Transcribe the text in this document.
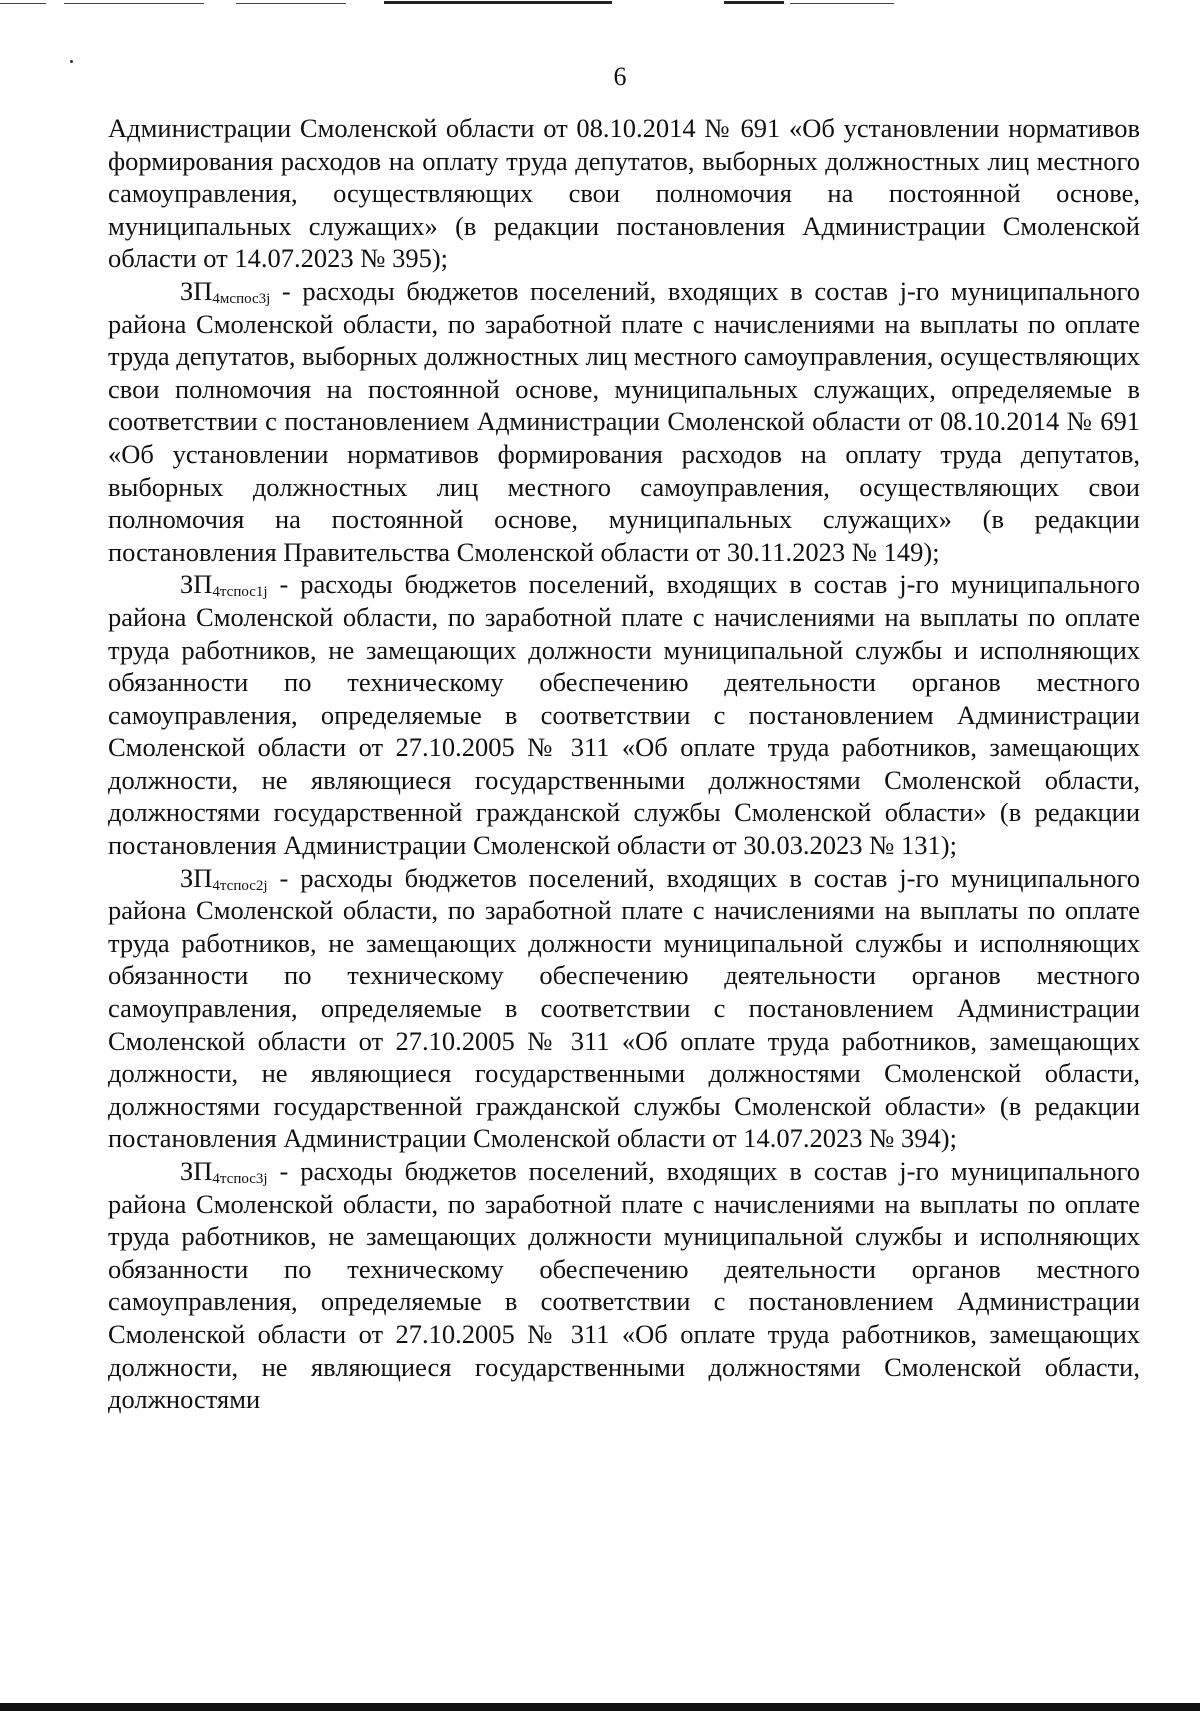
6

Администрации Смоленской области от 08.10.2014 № 691 «Об установлении нормативов формирования расходов на оплату труда депутатов, выборных должностных лиц местного самоуправления, осуществляющих свои полномочия на постоянной основе, муниципальных служащих» (в редакции постановления Администрации Смоленской области от 14.07.2023 № 395);

$ЗП_{4мспос3j}$ - расходы бюджетов поселений, входящих в состав j-го муниципального района Смоленской области, по заработной плате с начислениями на выплаты по оплате труда депутатов, выборных должностных лиц местного самоуправления, осуществляющих свои полномочия на постоянной основе, муниципальных служащих, определяемые в соответствии с постановлением Администрации Смоленской области от 08.10.2014 № 691 «Об установлении нормативов формирования расходов на оплату труда депутатов, выборных должностных лиц местного самоуправления, осуществляющих свои полномочия на постоянной основе, муниципальных служащих» (в редакции постановления Правительства Смоленской области от 30.11.2023 № 149);

$ЗП_{4тспос1j}$ - расходы бюджетов поселений, входящих в состав j-го муниципального района Смоленской области, по заработной плате с начислениями на выплаты по оплате труда работников, не замещающих должности муниципальной службы и исполняющих обязанности по техническому обеспечению деятельности органов местного самоуправления, определяемые в соответствии с постановлением Администрации Смоленской области от 27.10.2005 № 311 «Об оплате труда работников, замещающих должности, не являющиеся государственными должностями Смоленской области, должностями государственной гражданской службы Смоленской области» (в редакции постановления Администрации Смоленской области от 30.03.2023 № 131);

$ЗП_{4тспос2j}$ - расходы бюджетов поселений, входящих в состав j-го муниципального района Смоленской области, по заработной плате с начислениями на выплаты по оплате труда работников, не замещающих должности муниципальной службы и исполняющих обязанности по техническому обеспечению деятельности органов местного самоуправления, определяемые в соответствии с постановлением Администрации Смоленской области от 27.10.2005 № 311 «Об оплате труда работников, замещающих должности, не являющиеся государственными должностями Смоленской области, должностями государственной гражданской службы Смоленской области» (в редакции постановления Администрации Смоленской области от 14.07.2023 № 394);

$ЗП_{4тспос3j}$ - расходы бюджетов поселений, входящих в состав j-го муниципального района Смоленской области, по заработной плате с начислениями на выплаты по оплате труда работников, не замещающих должности муниципальной службы и исполняющих обязанности по техническому обеспечению деятельности органов местного самоуправления, определяемые в соответствии с постановлением Администрации Смоленской области от 27.10.2005 № 311 «Об оплате труда работников, замещающих должности, не являющиеся государственными должностями Смоленской области, должностями
